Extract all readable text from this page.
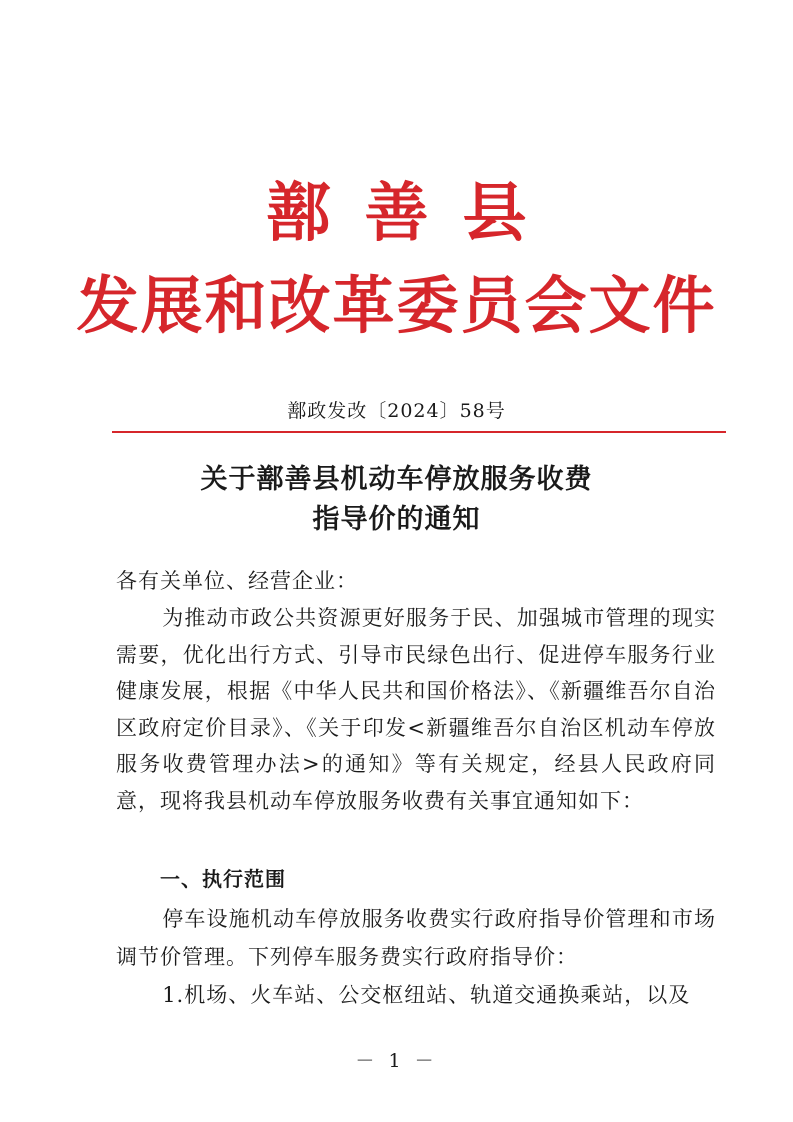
鄯善县
发展和改革委员会文件
鄯政发改〔2024〕58号
关于鄯善县机动车停放服务收费
指导价的通知
各有关单位、经营企业：

为推动市政公共资源更好服务于民、加强城市管理的现实需要，优化出行方式、引导市民绿色出行、促进停车服务行业健康发展，根据《中华人民共和国价格法》、《新疆维吾尔自治区政府定价目录》、《关于印发<新疆维吾尔自治区机动车停放服务收费管理办法>的通知》等有关规定，经县人民政府同意，现将我县机动车停放服务收费有关事宜通知如下：

一、执行范围

停车设施机动车停放服务收费实行政府指导价管理和市场调节价管理。下列停车服务费实行政府指导价：

1.机场、火车站、公交枢纽站、轨道交通换乘站，以及

－ 1 －
